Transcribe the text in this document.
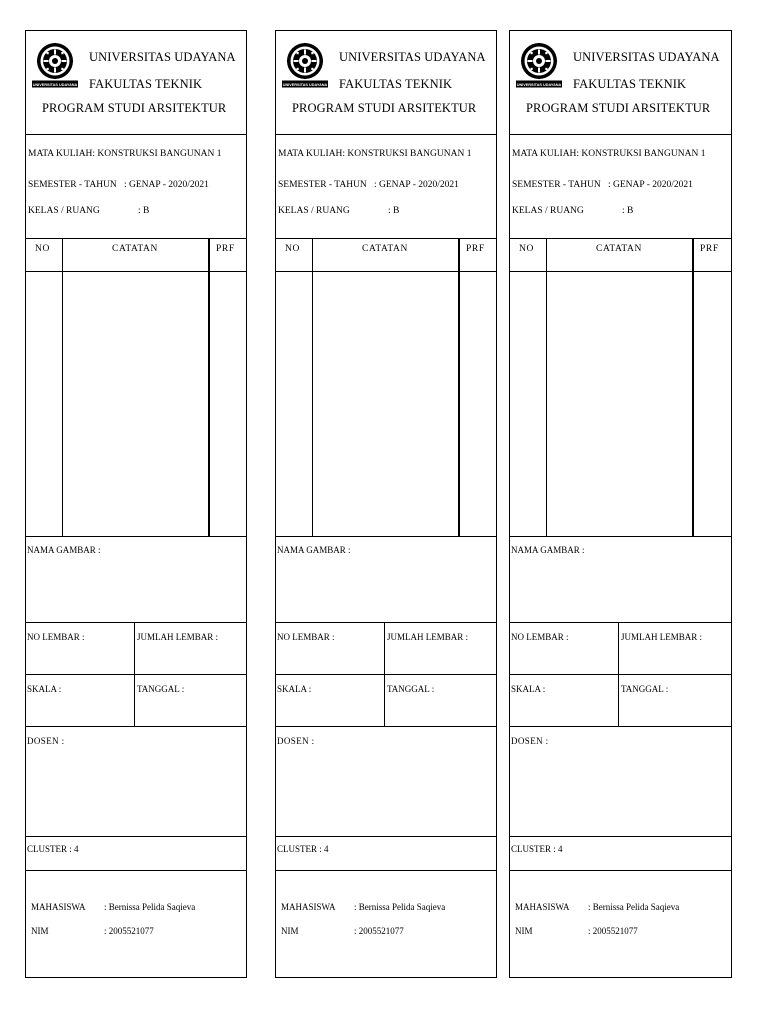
UNIVERSITAS UDAYANA
UNIVERSITAS UDAYANA
FAKULTAS TEKNIK
PROGRAM STUDI ARSITEKTUR
MATA KULIAH: KONSTRUKSI BANGUNAN 1
SEMESTER - TAHUN : GENAP - 2020/2021
KELAS / RUANG	: B
NO	CATATAN	PRF
NAMA GAMBAR :
NO LEMBAR :	JUMLAH LEMBAR :
SKALA :	TANGGAL :
DOSEN :
CLUSTER : 4
MAHASISWA : Bernissa Pelida Saqieva
NIM	: 2005521077
UNIVERSITAS UDAYANA
UNIVERSITAS UDAYANA
FAKULTAS TEKNIK
PROGRAM STUDI ARSITEKTUR
MATA KULIAH: KONSTRUKSI BANGUNAN 1
SEMESTER - TAHUN : GENAP - 2020/2021
KELAS / RUANG	: B
NO	CATATAN	PRF
NAMA GAMBAR :
NO LEMBAR :	JUMLAH LEMBAR :
SKALA :	TANGGAL :
DOSEN :
CLUSTER : 4
MAHASISWA : Bernissa Pelida Saqieva
NIM	: 2005521077
UNIVERSITAS UDAYANA
UNIVERSITAS UDAYANA
FAKULTAS TEKNIK
PROGRAM STUDI ARSITEKTUR
MATA KULIAH: KONSTRUKSI BANGUNAN 1
SEMESTER - TAHUN : GENAP - 2020/2021
KELAS / RUANG	: B
NO	CATATAN	PRF
NAMA GAMBAR :
NO LEMBAR :	JUMLAH LEMBAR :
SKALA :	TANGGAL :
DOSEN :
CLUSTER : 4
MAHASISWA : Bernissa Pelida Saqieva
NIM	: 2005521077
